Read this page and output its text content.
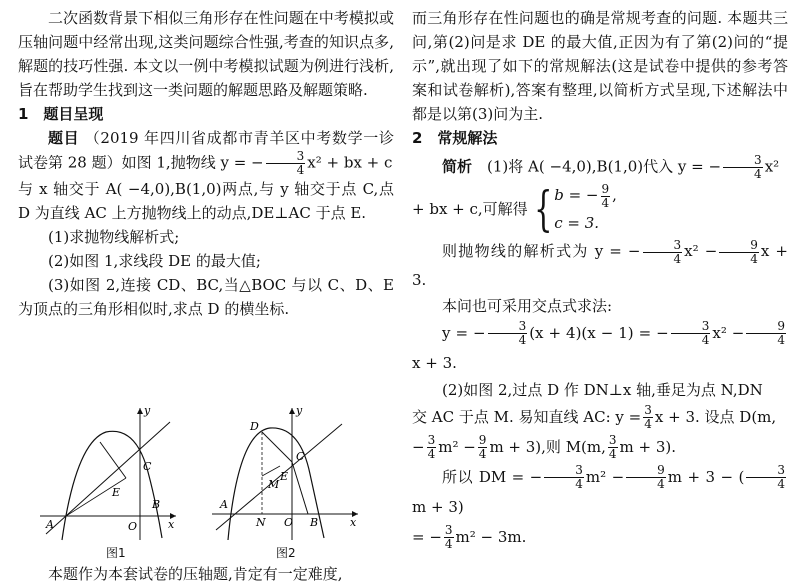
二次函数背景下相似三角形存在性问题在中考模拟或压轴问题中经常出现,这类问题综合性强,考查的知识点多,解题的技巧性强. 本文以一例中考模拟试题为例进行浅析,旨在帮助学生找到这一类问题的解题思路及解题策略.

1　题目呈现

题目 （2019 年四川省成都市青羊区中考数学一诊试卷第 28 题）如图 1,抛物线 y = − $\frac{3}{4} x^2$ + bx + c

与 x 轴交于 A( −4,0),B(1,0)两点,与 y 轴交于点 C,点 D 为直线 AC 上方抛物线上的动点,DE⊥AC 于点 E.

(1)求抛物线解析式;

(2)如图 1,求线段 DE 的最大值;

(3)如图 2,连接 CD、BC,当△BOC 与以 C、D、E 为顶点的三角形相似时,求点 D 的横坐标.

A	O
B
C
E
y
x
图1
A
N O B
C
M
E
D
y
x
图2

本题作为本套试卷的压轴题,肯定有一定难度,

而三角形存在性问题也的确是常规考查的问题. 本题共三问,第(2)问是求 DE 的最大值,正因为有了第(2)问的“提示”,就出现了如下的常规解法(这是试卷中提供的参考答案和试卷解析),答案有整理,以简析方式呈现,下述解法中都是以第(3)问为主.

2　常规解法

简析　 (1)将 A( −4,0),B(1,0)代入 y = − $\frac{3}{4} x^2$

+ bx + c,可解得 { b = − $\frac{9}{4}$ ,
c = 3.

则抛物线的解析式为 y = − $\frac{3}{4} x^2 - \frac{9}{4}$ x + 3.

本问也可采用交点式求法:

y = − $\frac{3}{4} (x + 4)(x - 1)$ = − $\frac{3}{4} x^2 - \frac{9}{4}$
x + 3.

(2)如图 2,过点 D 作 DN⊥x 轴,垂足为点 N,DN

交 AC 于点 M. 易知直线 AC: $y = \frac{3}{4}$ x + 3. 设点 D(m,

− $\frac{3}{4} m^2 - \frac{9}{4}$ m + 3),则 M(m, $\frac{3}{4}$ m + 3).

所以 DM = − $\frac{3}{4} m^2 - \frac{9}{4}$ m + 3 − ( $\frac{3}{4}$
m + 3)

= − $\frac{3}{4} m^2 - 3m$.
